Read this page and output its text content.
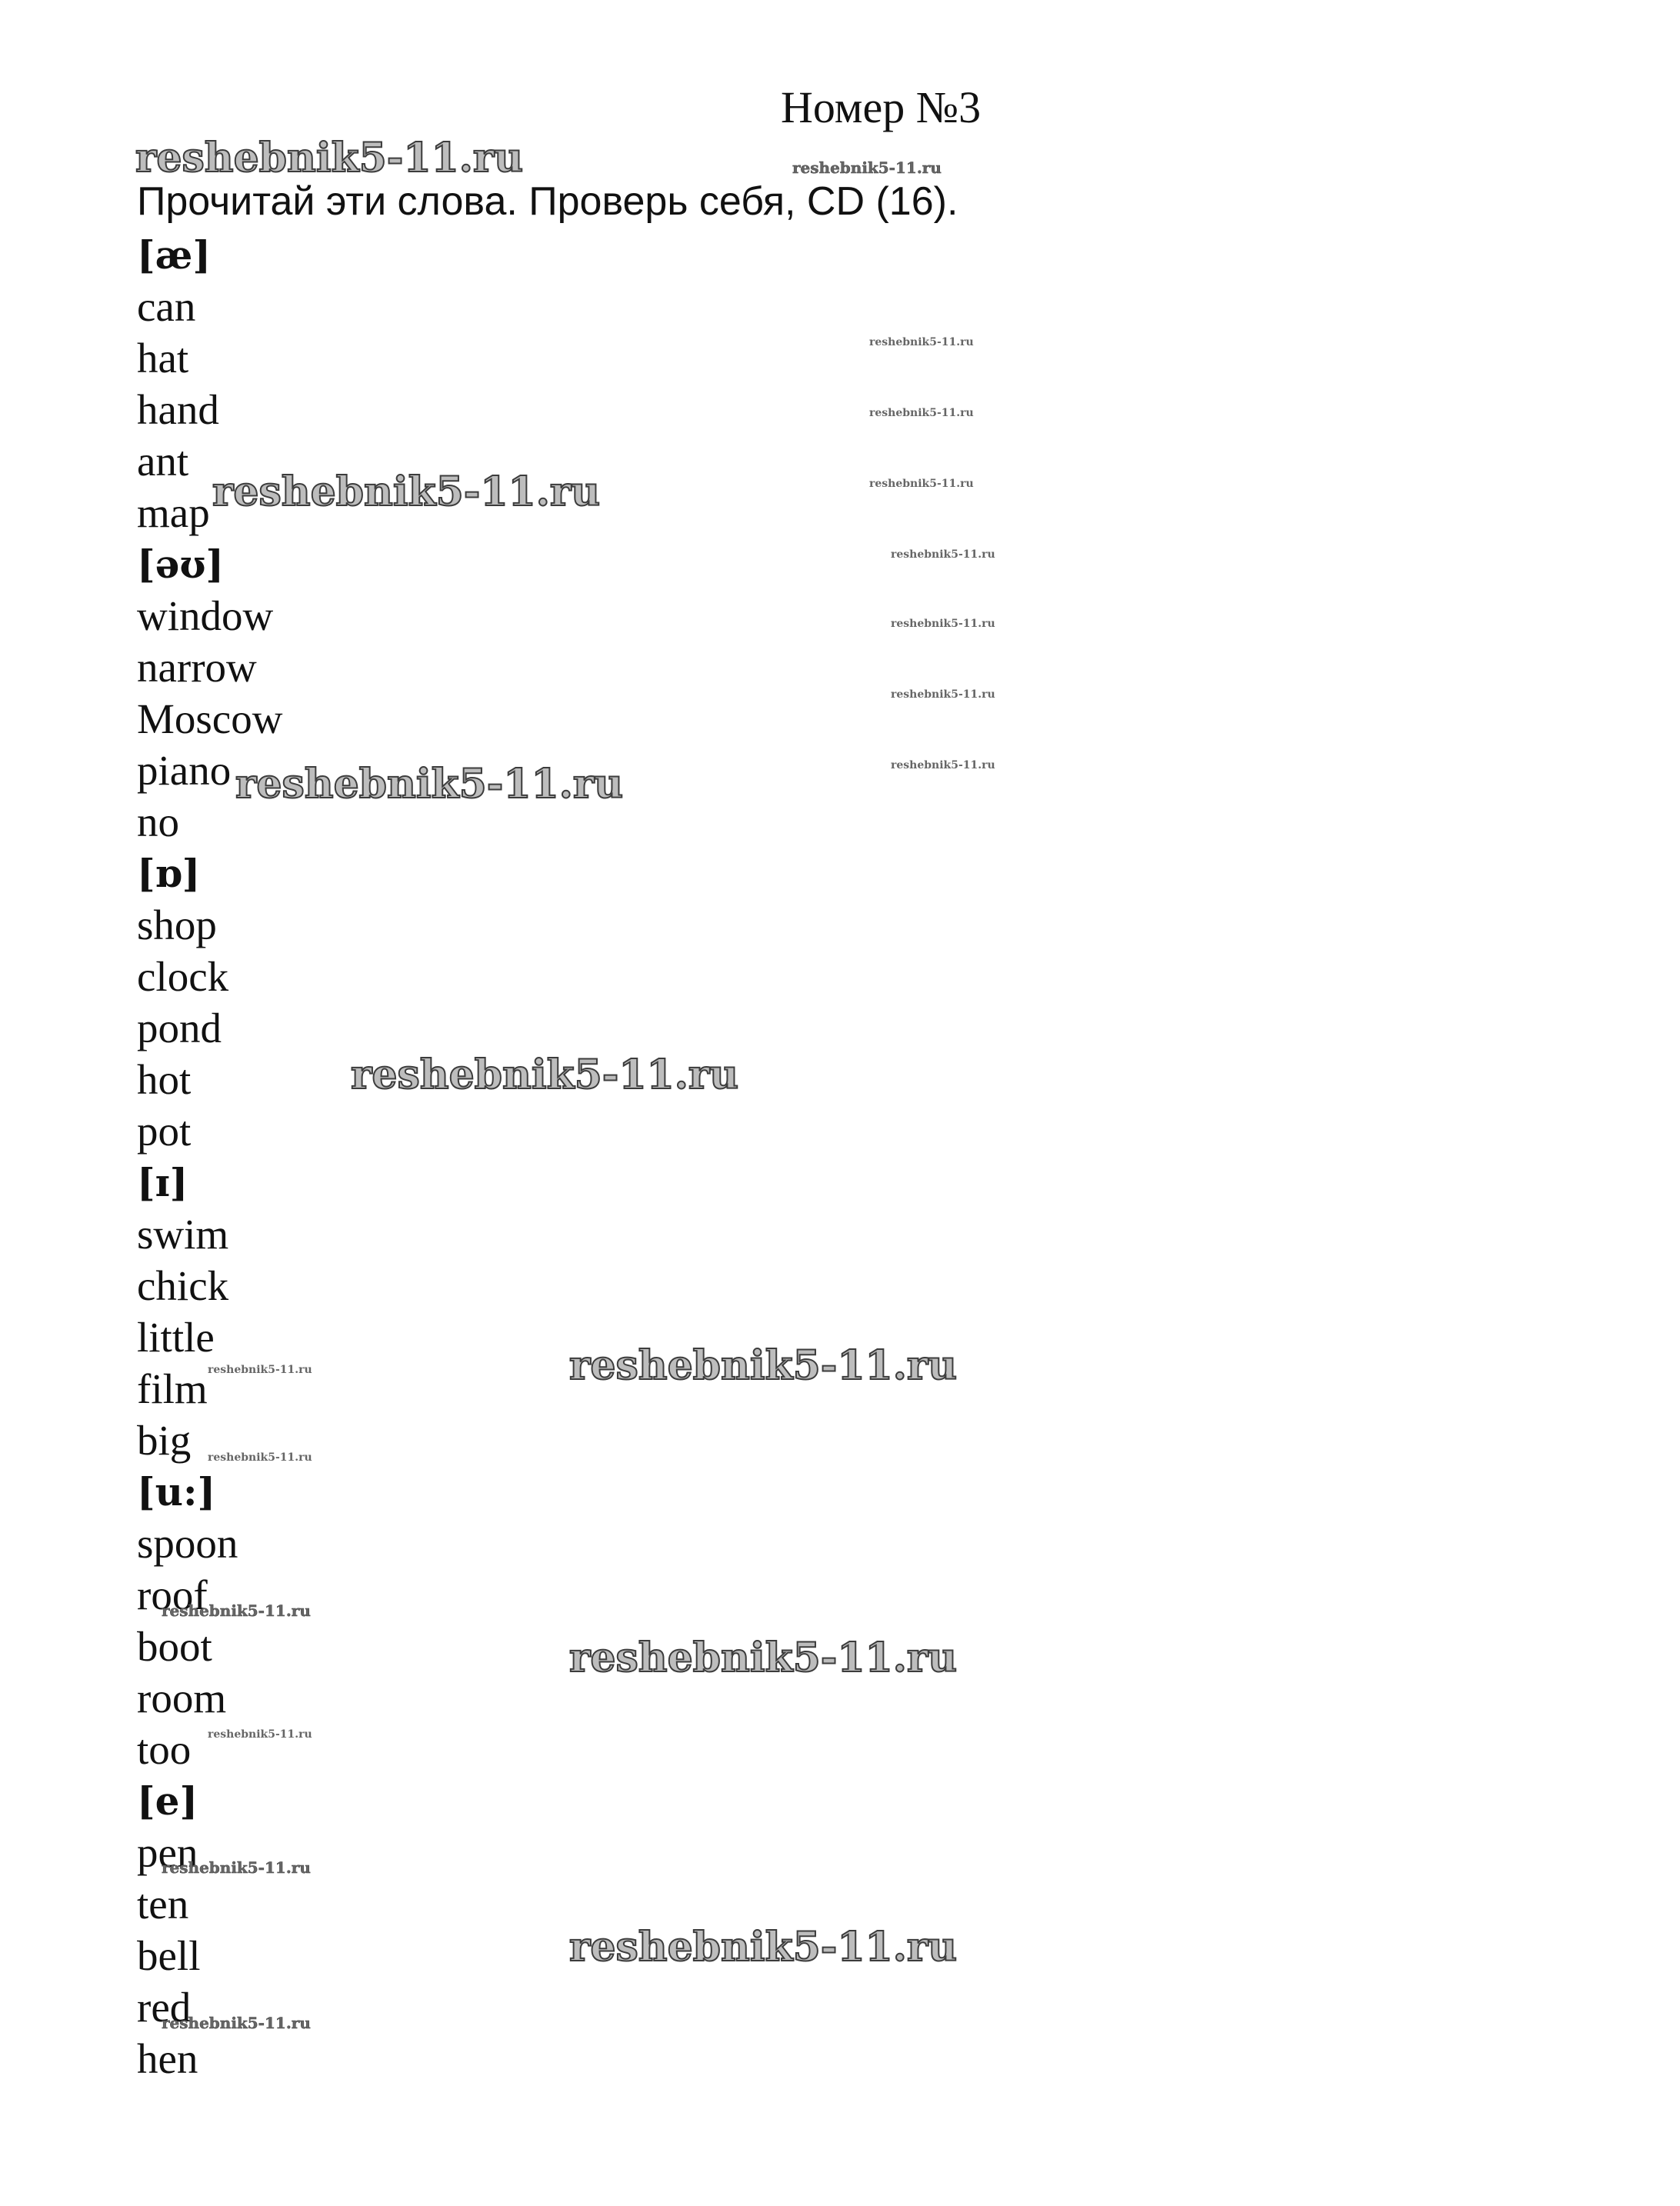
Номер №3
reshebnik5-11.ru	reshebnik5-11.ru
Прочитай эти слова. Проверь себя, CD (16).
[æ]
can
hat
hand
ant
map
[əʊ]
window
narrow
Moscow
piano
no
[ɒ]
shop
clock
pond
hot
pot
[ɪ]
swim
chick
little
film
big
[u:]
spoon
roof
boot
room
too
[e]
pen
ten
bell
red
hen
reshebnik5-11.ru
reshebnik5-11.ru
reshebnik5-11.ru
reshebnik5-11.ru
reshebnik5-11.ru
reshebnik5-11.ru
reshebnik5-11.ru
reshebnik5-11.ru
reshebnik5-11.ru
reshebnik5-11.ru
reshebnik5-11.ru
reshebnik5-11.ru
reshebnik5-11.ru
reshebnik5-11.ru
reshebnik5-11.ru
reshebnik5-11.ru
reshebnik5-11.ru
reshebnik5-11.ru
reshebnik5-11.ru
